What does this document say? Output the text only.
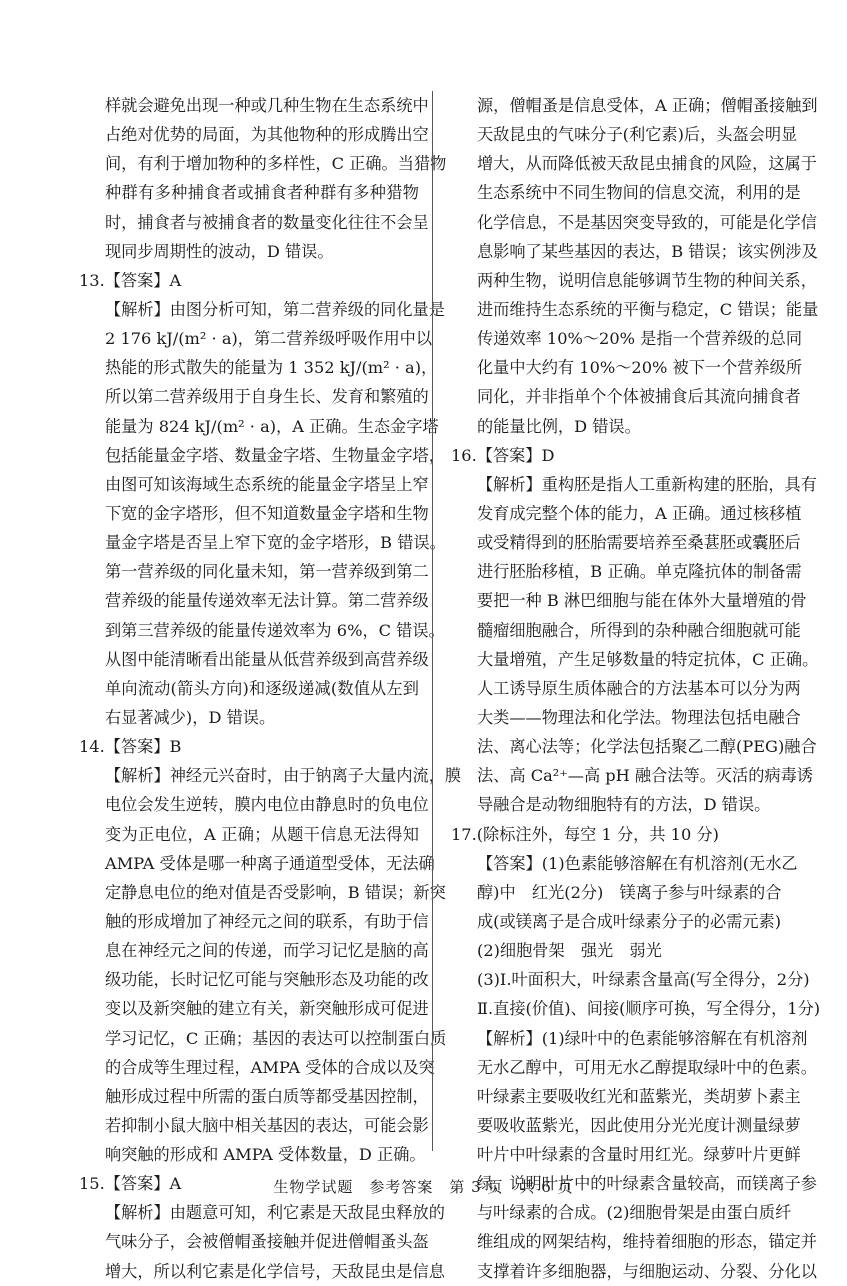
样就会避免出现一种或几种生物在生态系统中
占绝对优势的局面，为其他物种的形成腾出空
间，有利于增加物种的多样性，C 正确。当猎物
种群有多种捕食者或捕食者种群有多种猎物
时，捕食者与被捕食者的数量变化往往不会呈
现同步周期性的波动，D 错误。
13.【答案】A
【解析】由图分析可知，第二营养级的同化量是
2 176 kJ/(m² · a)，第二营养级呼吸作用中以
热能的形式散失的能量为 1 352 kJ/(m² · a)，
所以第二营养级用于自身生长、发育和繁殖的
能量为 824 kJ/(m² · a)，A 正确。生态金字塔
包括能量金字塔、数量金字塔、生物量金字塔，
由图可知该海域生态系统的能量金字塔呈上窄
下宽的金字塔形，但不知道数量金字塔和生物
量金字塔是否呈上窄下宽的金字塔形，B 错误。
第一营养级的同化量未知，第一营养级到第二
营养级的能量传递效率无法计算。第二营养级
到第三营养级的能量传递效率为 6%，C 错误。
从图中能清晰看出能量从低营养级到高营养级
单向流动(箭头方向)和逐级递减(数值从左到
右显著减少)，D 错误。
14.【答案】B
【解析】神经元兴奋时，由于钠离子大量内流，膜
电位会发生逆转，膜内电位由静息时的负电位
变为正电位，A 正确；从题干信息无法得知
AMPA 受体是哪一种离子通道型受体，无法确
定静息电位的绝对值是否受影响，B 错误；新突
触的形成增加了神经元之间的联系，有助于信
息在神经元之间的传递，而学习记忆是脑的高
级功能，长时记忆可能与突触形态及功能的改
变以及新突触的建立有关，新突触形成可促进
学习记忆，C 正确；基因的表达可以控制蛋白质
的合成等生理过程，AMPA 受体的合成以及突
触形成过程中所需的蛋白质等都受基因控制，
若抑制小鼠大脑中相关基因的表达，可能会影
响突触的形成和 AMPA 受体数量，D 正确。
15.【答案】A
【解析】由题意可知，利它素是天敌昆虫释放的
气味分子，会被僧帽蚤接触并促进僧帽蚤头盔
增大，所以利它素是化学信号，天敌昆虫是信息
源，僧帽蚤是信息受体，A 正确；僧帽蚤接触到
天敌昆虫的气味分子(利它素)后，头盔会明显
增大，从而降低被天敌昆虫捕食的风险，这属于
生态系统中不同生物间的信息交流，利用的是
化学信息，不是基因突变导致的，可能是化学信
息影响了某些基因的表达，B 错误；该实例涉及
两种生物，说明信息能够调节生物的种间关系，
进而维持生态系统的平衡与稳定，C 错误；能量
传递效率 10%～20% 是指一个营养级的总同
化量中大约有 10%～20% 被下一个营养级所
同化，并非指单个个体被捕食后其流向捕食者
的能量比例，D 错误。
16.【答案】D
【解析】重构胚是指人工重新构建的胚胎，具有
发育成完整个体的能力，A 正确。通过核移植
或受精得到的胚胎需要培养至桑葚胚或囊胚后
进行胚胎移植，B 正确。单克隆抗体的制备需
要把一种 B 淋巴细胞与能在体外大量增殖的骨
髓瘤细胞融合，所得到的杂种融合细胞就可能
大量增殖，产生足够数量的特定抗体，C 正确。
人工诱导原生质体融合的方法基本可以分为两
大类——物理法和化学法。物理法包括电融合
法、离心法等；化学法包括聚乙二醇(PEG)融合
法、高 Ca²⁺—高 pH 融合法等。灭活的病毒诱
导融合是动物细胞特有的方法，D 错误。
17.(除标注外，每空 1 分，共 10 分)
【答案】(1)色素能够溶解在有机溶剂(无水乙
醇)中　红光(2分)　镁离子参与叶绿素的合
成(或镁离子是合成叶绿素分子的必需元素)
(2)细胞骨架　强光　弱光
(3)Ⅰ.叶面积大，叶绿素含量高(写全得分，2分)
Ⅱ.直接(价值)、间接(顺序可换，写全得分，1分)
【解析】(1)绿叶中的色素能够溶解在有机溶剂
无水乙醇中，可用无水乙醇提取绿叶中的色素。
叶绿素主要吸收红光和蓝紫光，类胡萝卜素主
要吸收蓝紫光，因此使用分光光度计测量绿萝
叶片中叶绿素的含量时用红光。绿萝叶片更鲜
绿，说明叶片中的叶绿素含量较高，而镁离子参
与叶绿素的合成。(2)细胞骨架是由蛋白质纤
维组成的网架结构，维持着细胞的形态，锚定并
支撑着许多细胞器，与细胞运动、分裂、分化以
生物学试题　参考答案　第 3 页　共 6 页
